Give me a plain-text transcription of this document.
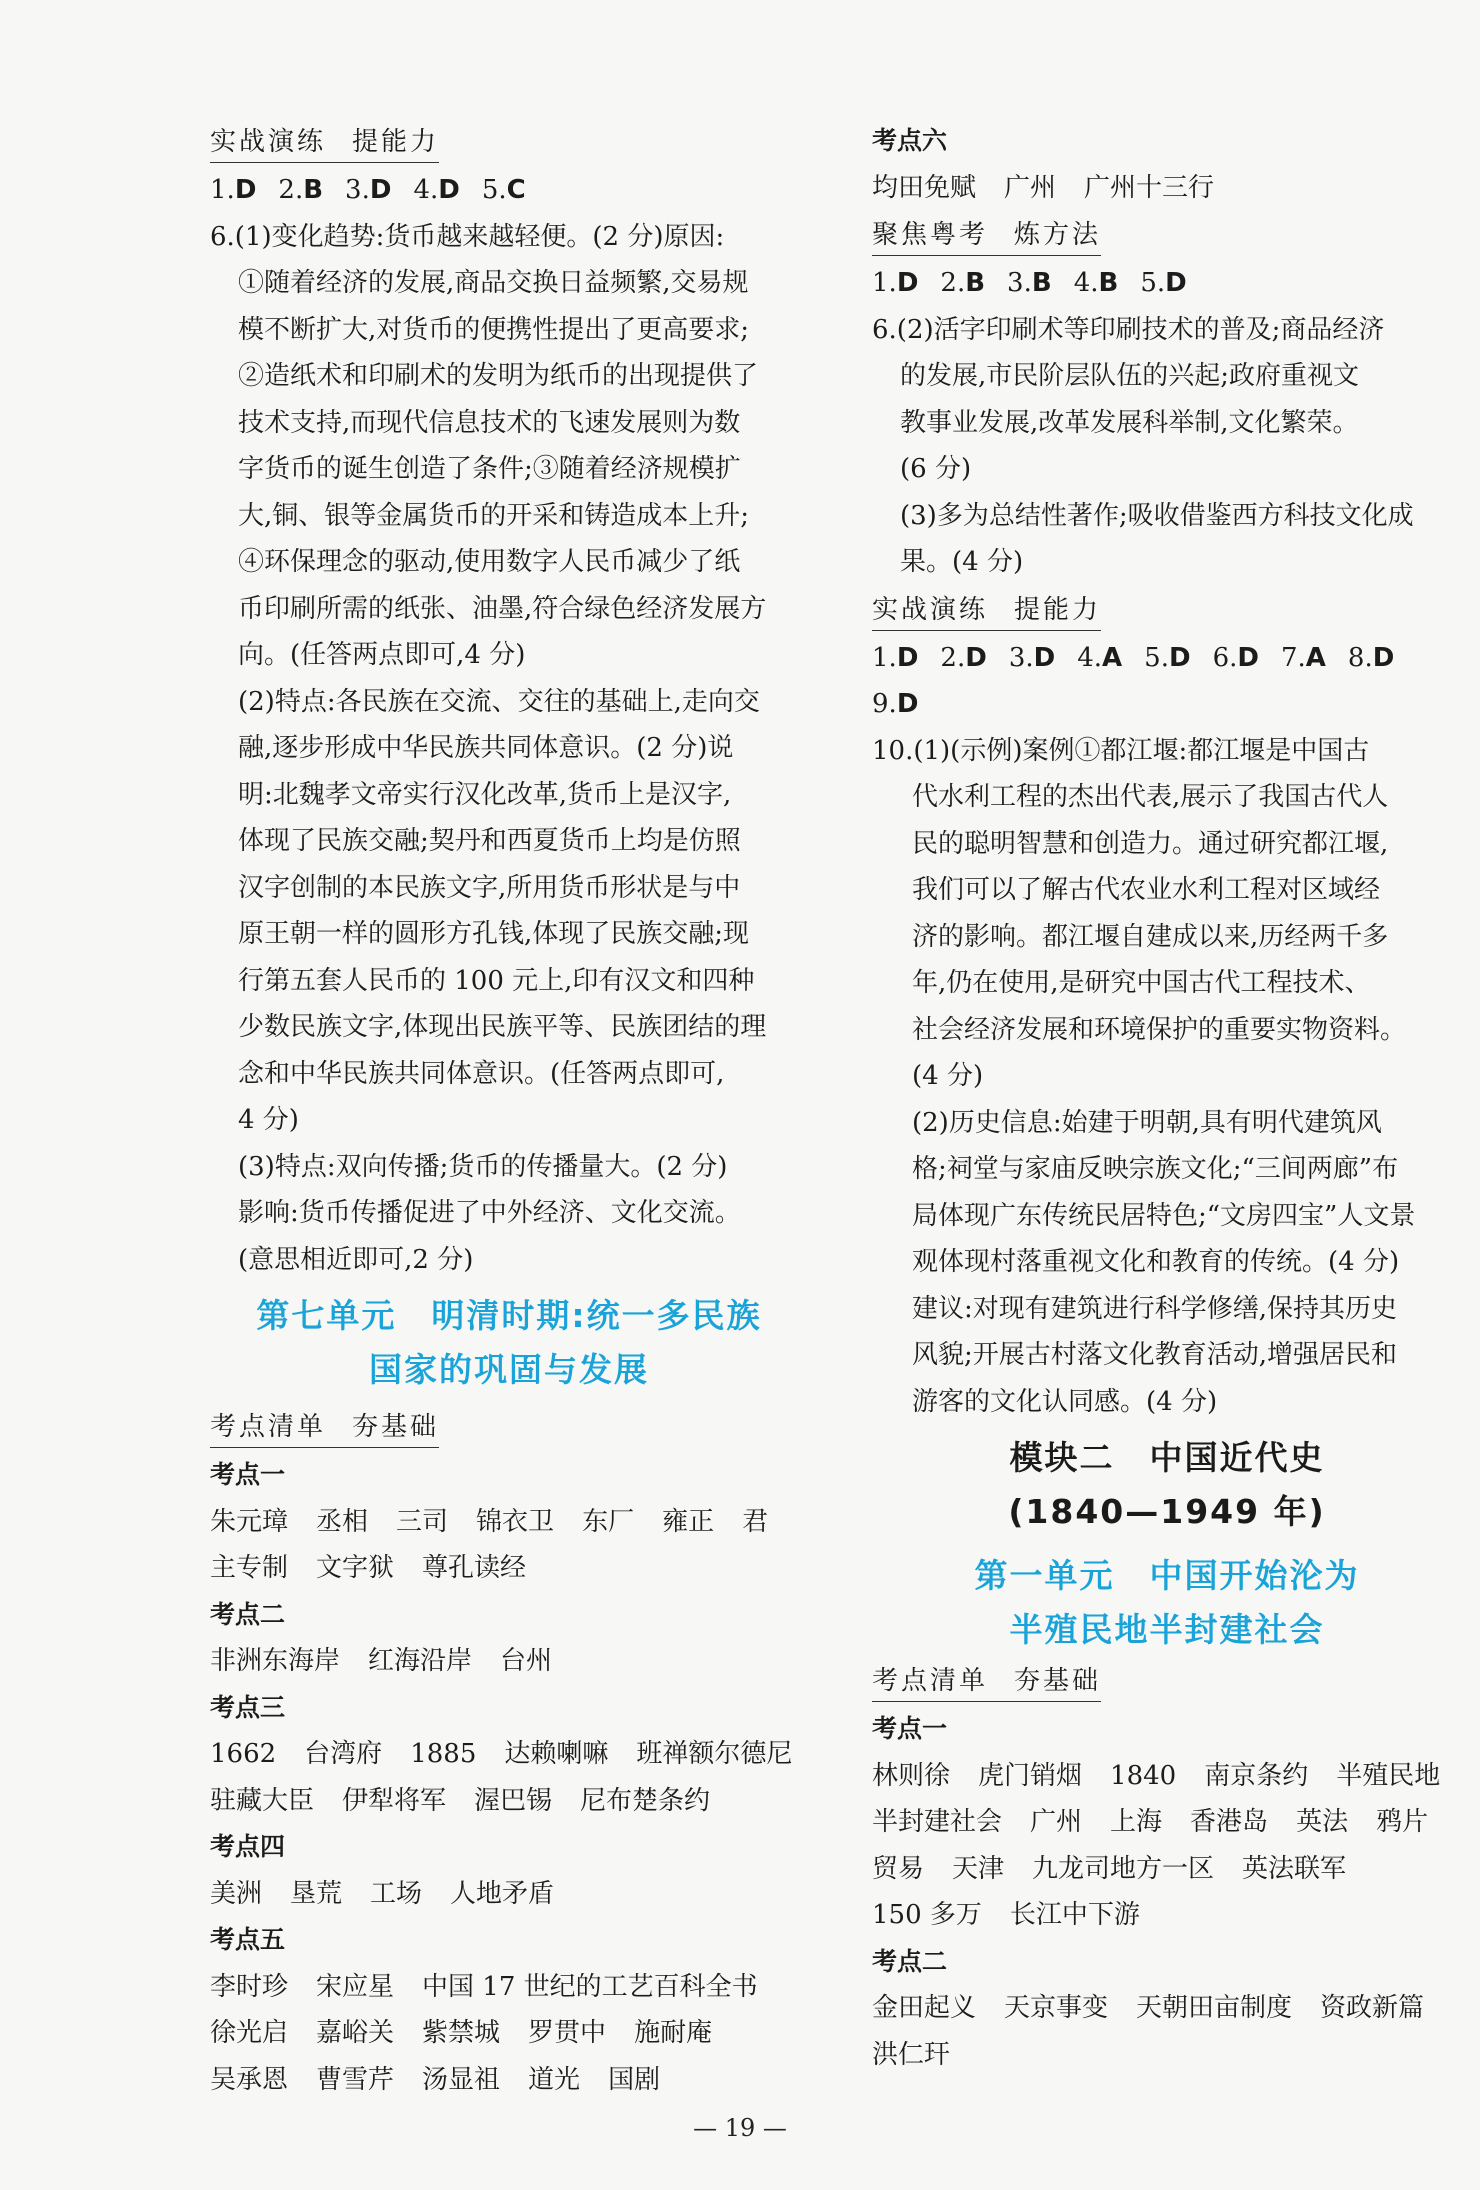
实战演练 提能力
1.D 2.B 3.D 4.D 5.C
6.(1)变化趋势:货币越来越轻便。(2 分)原因:
①随着经济的发展,商品交换日益频繁,交易规
模不断扩大,对货币的便携性提出了更高要求;
②造纸术和印刷术的发明为纸币的出现提供了
技术支持,而现代信息技术的飞速发展则为数
字货币的诞生创造了条件;③随着经济规模扩
大,铜、银等金属货币的开采和铸造成本上升;
④环保理念的驱动,使用数字人民币减少了纸
币印刷所需的纸张、油墨,符合绿色经济发展方
向。(任答两点即可,4 分)
(2)特点:各民族在交流、交往的基础上,走向交
融,逐步形成中华民族共同体意识。(2 分)说
明:北魏孝文帝实行汉化改革,货币上是汉字,
体现了民族交融;契丹和西夏货币上均是仿照
汉字创制的本民族文字,所用货币形状是与中
原王朝一样的圆形方孔钱,体现了民族交融;现
行第五套人民币的 100 元上,印有汉文和四种
少数民族文字,体现出民族平等、民族团结的理
念和中华民族共同体意识。(任答两点即可,
4 分)
(3)特点:双向传播;货币的传播量大。(2 分)
影响:货币传播促进了中外经济、文化交流。
(意思相近即可,2 分)
第七单元　明清时期:统一多民族
国家的巩固与发展
考点清单 夯基础
考点一
朱元璋 丞相 三司 锦衣卫 东厂 雍正 君
主专制 文字狱 尊孔读经
考点二
非洲东海岸 红海沿岸 台州
考点三
1662 台湾府 1885 达赖喇嘛 班禅额尔德尼
驻藏大臣 伊犁将军 渥巴锡 尼布楚条约
考点四
美洲 垦荒 工场 人地矛盾
考点五
李时珍 宋应星 中国 17 世纪的工艺百科全书
徐光启 嘉峪关 紫禁城 罗贯中 施耐庵
吴承恩 曹雪芹 汤显祖 道光 国剧
考点六
均田免赋 广州 广州十三行
聚焦粤考 炼方法
1.D 2.B 3.B 4.B 5.D
6.(2)活字印刷术等印刷技术的普及;商品经济
的发展,市民阶层队伍的兴起;政府重视文
教事业发展,改革发展科举制,文化繁荣。
(6 分)
(3)多为总结性著作;吸收借鉴西方科技文化成
果。(4 分)
实战演练 提能力
1.D 2.D 3.D 4.A 5.D 6.D 7.A 8.D
9.D
10.(1)(示例)案例①都江堰:都江堰是中国古
代水利工程的杰出代表,展示了我国古代人
民的聪明智慧和创造力。通过研究都江堰,
我们可以了解古代农业水利工程对区域经
济的影响。都江堰自建成以来,历经两千多
年,仍在使用,是研究中国古代工程技术、
社会经济发展和环境保护的重要实物资料。
(4 分)
(2)历史信息:始建于明朝,具有明代建筑风
格;祠堂与家庙反映宗族文化;“三间两廊”布
局体现广东传统民居特色;“文房四宝”人文景
观体现村落重视文化和教育的传统。(4 分)
建议:对现有建筑进行科学修缮,保持其历史
风貌;开展古村落文化教育活动,增强居民和
游客的文化认同感。(4 分)
模块二　中国近代史
(1840—1949 年)
第一单元　中国开始沦为
半殖民地半封建社会
考点清单 夯基础
考点一
林则徐 虎门销烟 1840 南京条约 半殖民地
半封建社会 广州 上海 香港岛 英法 鸦片
贸易 天津 九龙司地方一区 英法联军
150 多万 长江中下游
考点二
金田起义 天京事变 天朝田亩制度 资政新篇
洪仁玕
— 19 —
